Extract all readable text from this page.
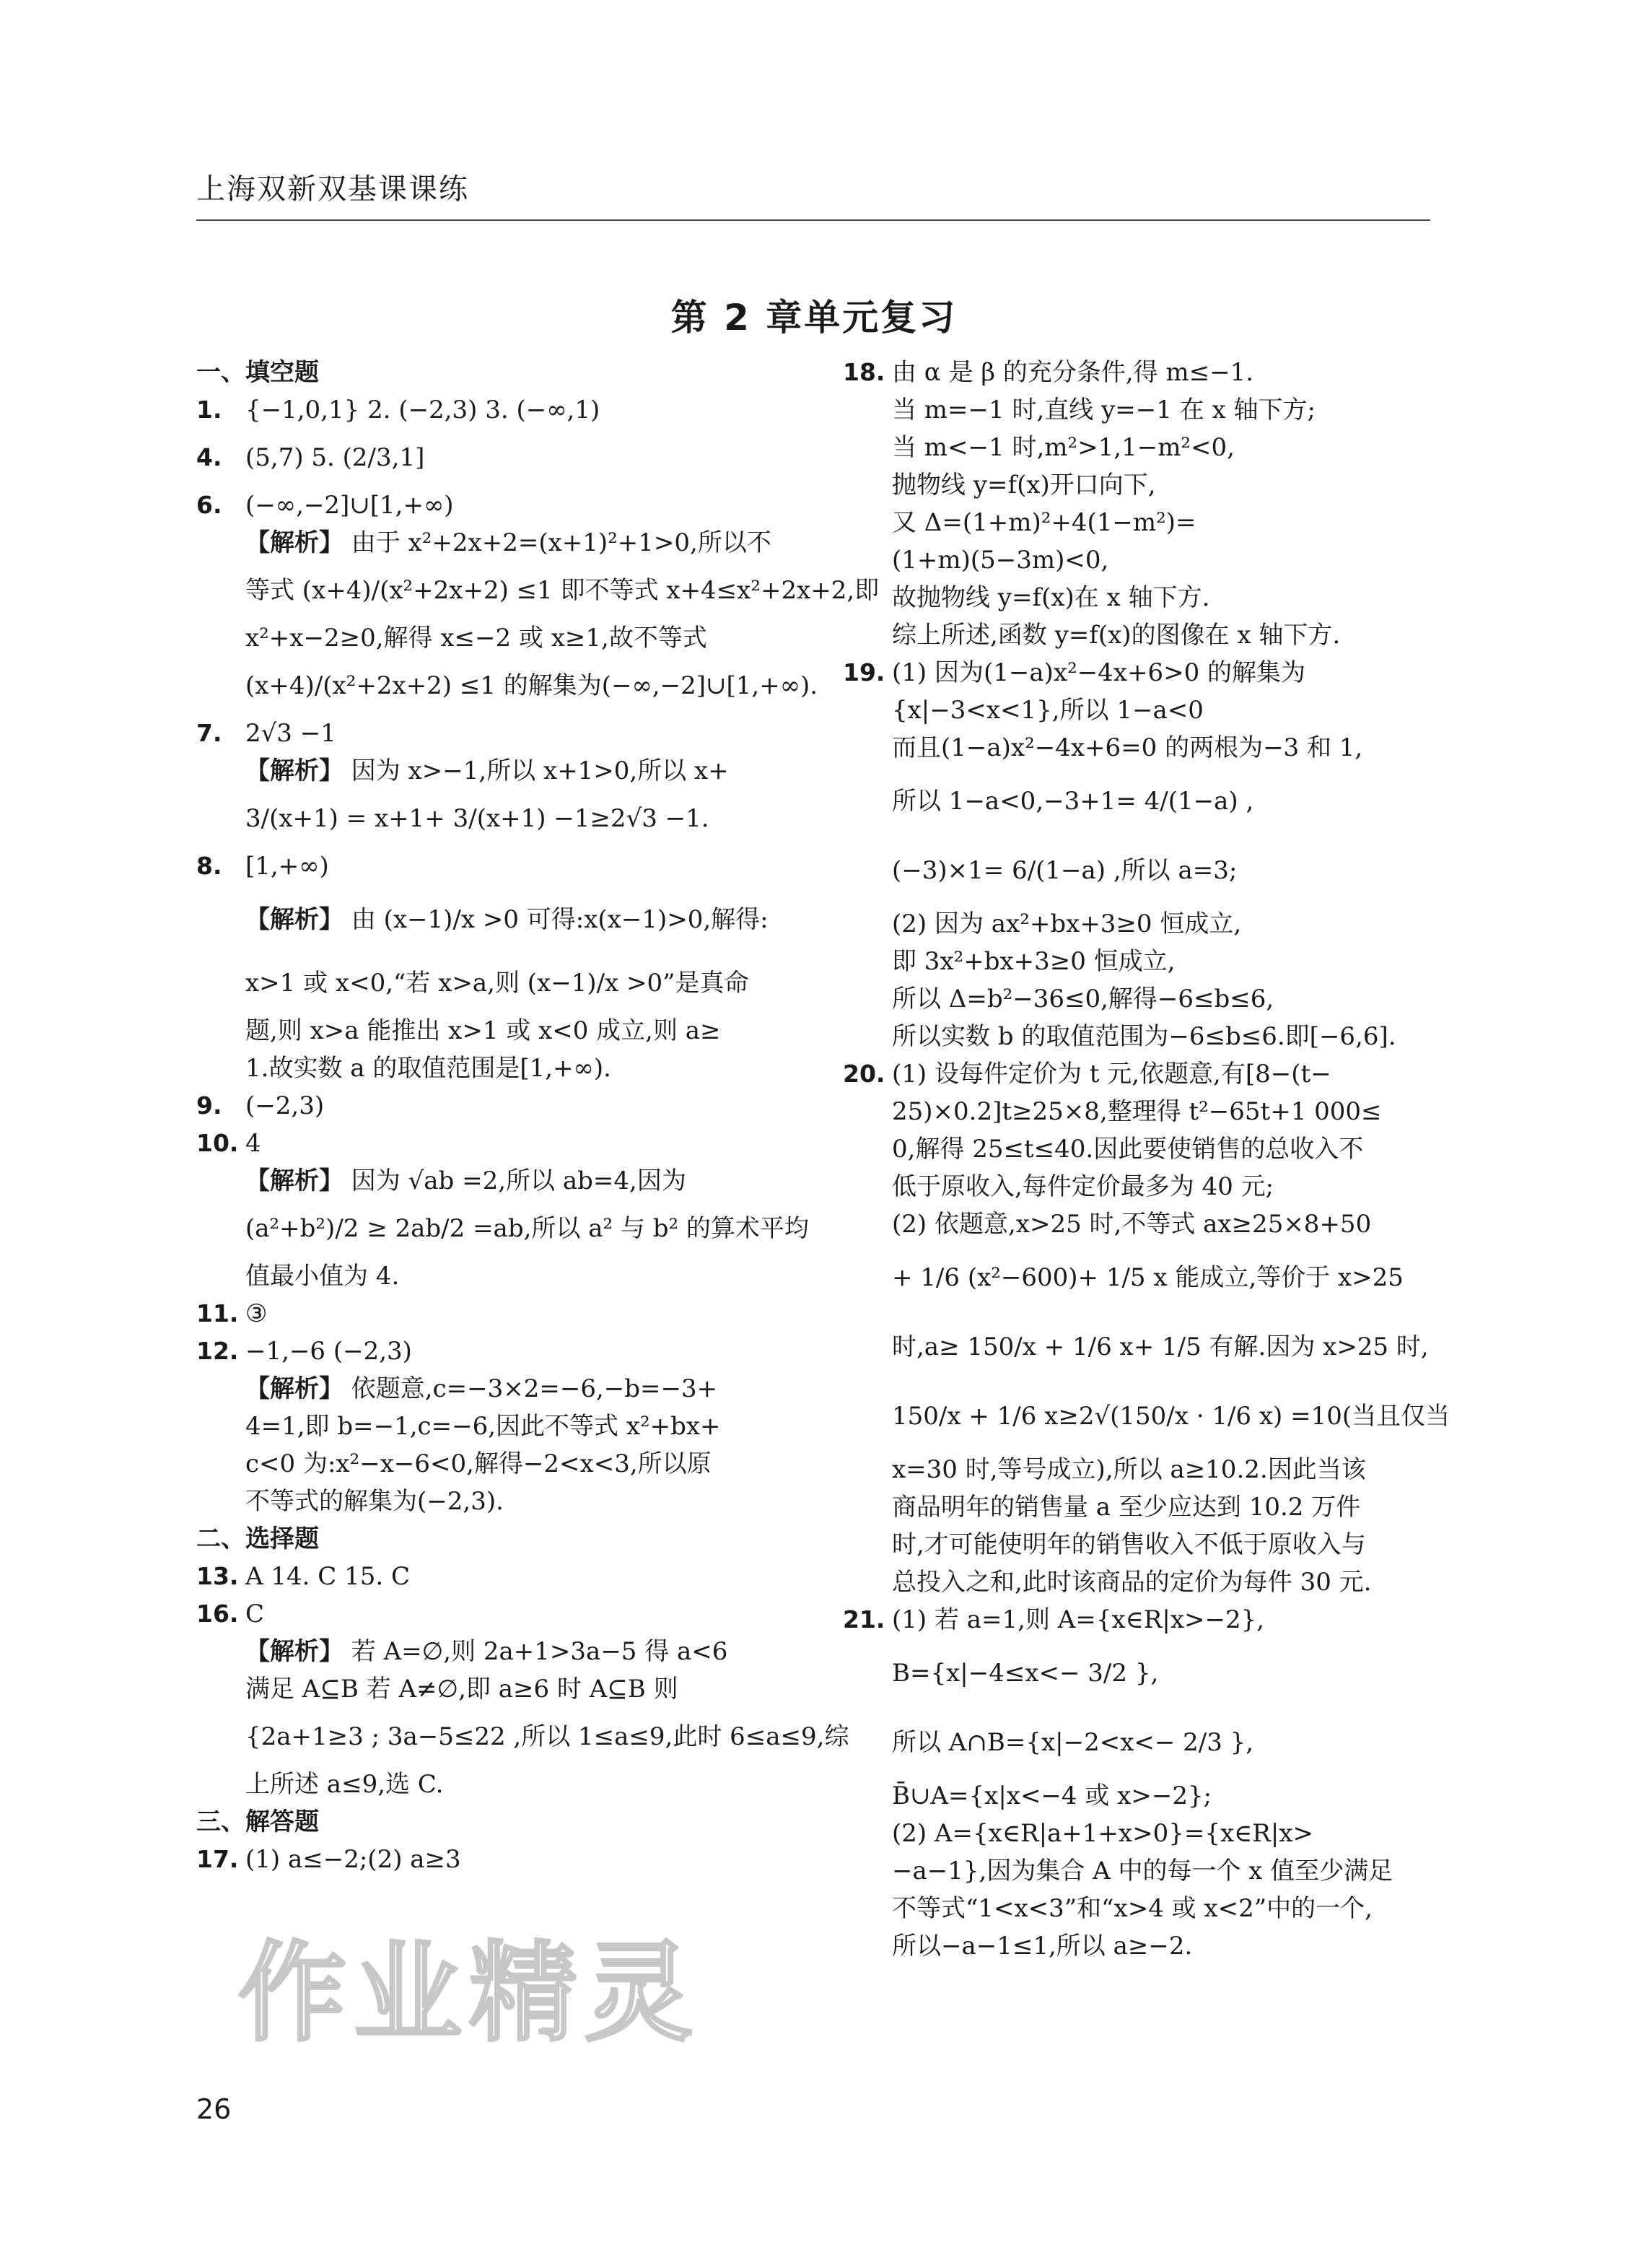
上海双新双基课课练
第 2 章单元复习
一、填空题
1. {−1,0,1} 2. (−2,3) 3. (−∞,1)
4. (5,7) 5. (2/3,1]
6. (−∞,−2]∪[1,+∞)
【解析】 由于 x²+2x+2=(x+1)²+1>0,所以不
等式 (x+4)/(x²+2x+2) ≤1 即不等式 x+4≤x²+2x+2,即
x²+x−2≥0,解得 x≤−2 或 x≥1,故不等式
(x+4)/(x²+2x+2) ≤1 的解集为(−∞,−2]∪[1,+∞).
7. 2√3 −1
【解析】 因为 x>−1,所以 x+1>0,所以 x+
3/(x+1) = x+1+ 3/(x+1) −1≥2√3 −1.
8. [1,+∞)
【解析】 由 (x−1)/x >0 可得:x(x−1)>0,解得:
x>1 或 x<0,“若 x>a,则 (x−1)/x >0”是真命
题,则 x>a 能推出 x>1 或 x<0 成立,则 a≥
1.故实数 a 的取值范围是[1,+∞).
9. (−2,3)
10. 4
【解析】 因为 √ab =2,所以 ab=4,因为
(a²+b²)/2 ≥ 2ab/2 =ab,所以 a² 与 b² 的算术平均
值最小值为 4.
11. ③
12. −1,−6 (−2,3)
【解析】 依题意,c=−3×2=−6,−b=−3+
4=1,即 b=−1,c=−6,因此不等式 x²+bx+
c<0 为:x²−x−6<0,解得−2<x<3,所以原
不等式的解集为(−2,3).
二、选择题
13. A 14. C 15. C
16. C
【解析】 若 A=∅,则 2a+1>3a−5 得 a<6
满足 A⊆B 若 A≠∅,即 a≥6 时 A⊆B 则
{2a+1≥3 ; 3a−5≤22 ,所以 1≤a≤9,此时 6≤a≤9,综
上所述 a≤9,选 C.
三、解答题
17. (1) a≤−2;(2) a≥3
18. 由 α 是 β 的充分条件,得 m≤−1.
当 m=−1 时,直线 y=−1 在 x 轴下方;
当 m<−1 时,m²>1,1−m²<0,
抛物线 y=f(x)开口向下,
又 Δ=(1+m)²+4(1−m²)=
(1+m)(5−3m)<0,
故抛物线 y=f(x)在 x 轴下方.
综上所述,函数 y=f(x)的图像在 x 轴下方.
19. (1) 因为(1−a)x²−4x+6>0 的解集为
{x|−3<x<1},所以 1−a<0
而且(1−a)x²−4x+6=0 的两根为−3 和 1,
所以 1−a<0,−3+1= 4/(1−a) ,
(−3)×1= 6/(1−a) ,所以 a=3;
(2) 因为 ax²+bx+3≥0 恒成立,
即 3x²+bx+3≥0 恒成立,
所以 Δ=b²−36≤0,解得−6≤b≤6,
所以实数 b 的取值范围为−6≤b≤6.即[−6,6].
20. (1) 设每件定价为 t 元,依题意,有[8−(t−
25)×0.2]t≥25×8,整理得 t²−65t+1 000≤
0,解得 25≤t≤40.因此要使销售的总收入不
低于原收入,每件定价最多为 40 元;
(2) 依题意,x>25 时,不等式 ax≥25×8+50
+ 1/6 (x²−600)+ 1/5 x 能成立,等价于 x>25
时,a≥ 150/x + 1/6 x+ 1/5 有解.因为 x>25 时,
150/x + 1/6 x≥2√(150/x · 1/6 x) =10(当且仅当
x=30 时,等号成立),所以 a≥10.2.因此当该
商品明年的销售量 a 至少应达到 10.2 万件
时,才可能使明年的销售收入不低于原收入与
总投入之和,此时该商品的定价为每件 30 元.
21. (1) 若 a=1,则 A={x∈R|x>−2},
B={x|−4≤x<− 3/2 },
所以 A∩B={x|−2<x<− 2/3 },
B̄∪A={x|x<−4 或 x>−2};
(2) A={x∈R|a+1+x>0}={x∈R|x>
−a−1},因为集合 A 中的每一个 x 值至少满足
不等式“1<x<3”和“x>4 或 x<2”中的一个,
所以−a−1≤1,所以 a≥−2.
26
作业精灵
